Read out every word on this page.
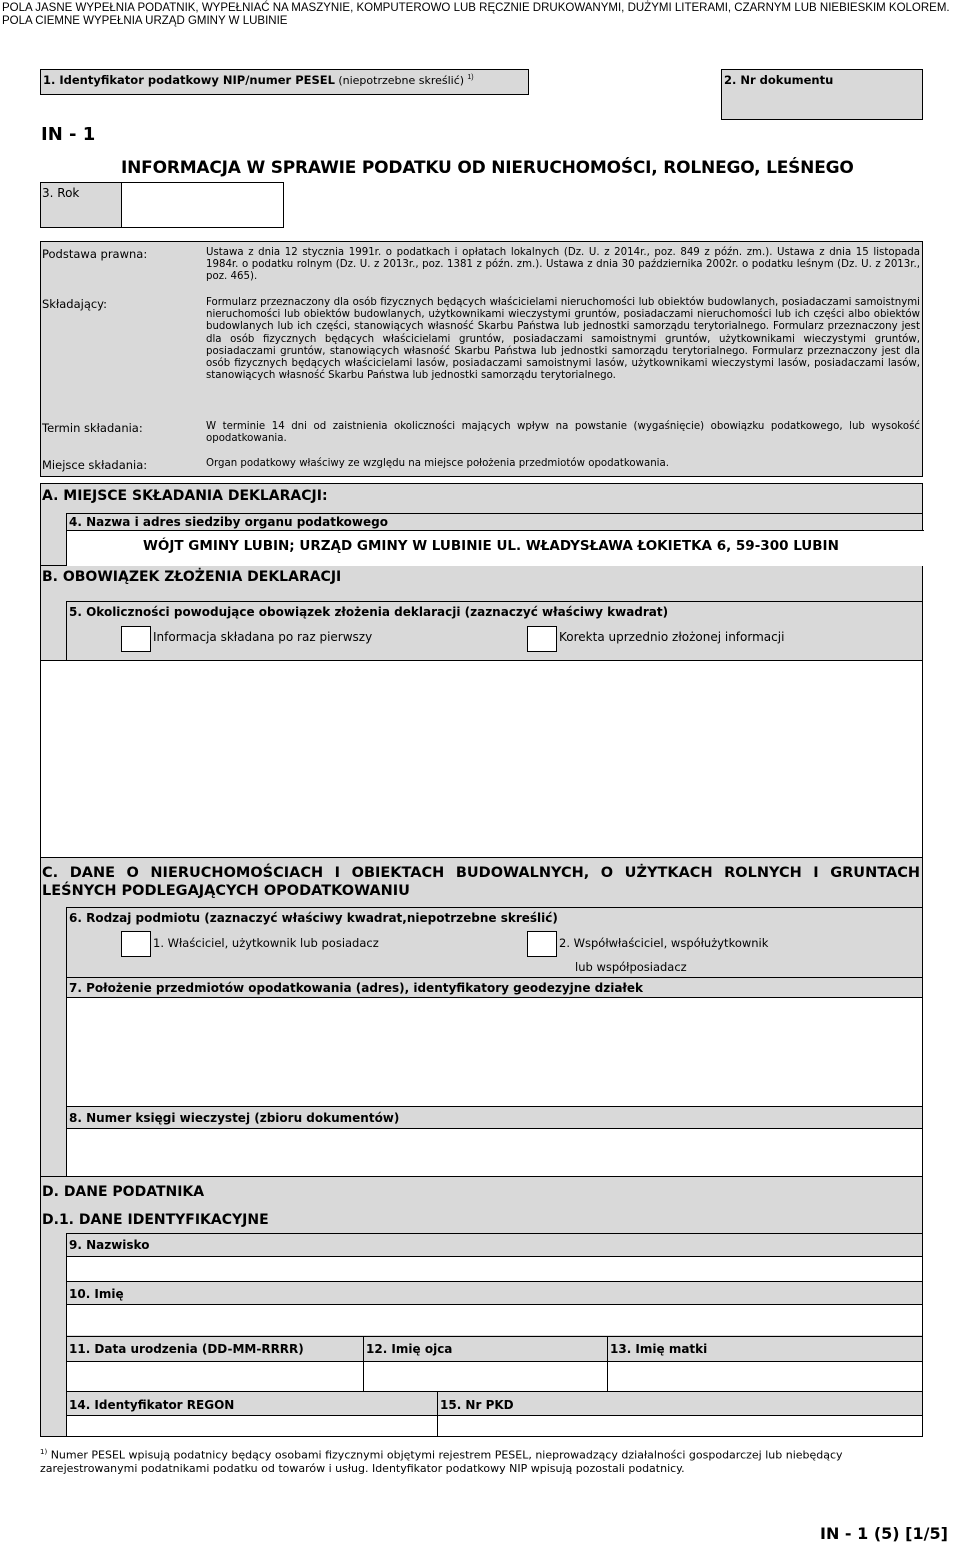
POLA JASNE WYPEŁNIA PODATNIK, WYPEŁNIAĆ NA MASZYNIE, KOMPUTEROWO LUB RĘCZNIE DRUKOWANYMI, DUŻYMI LITERAMI, CZARNYM LUB NIEBIESKIM KOLOREM. POLA CIEMNE WYPEŁNIA URZĄD GMINY W LUBINIE
1. Identyfikator podatkowy NIP/numer PESEL (niepotrzebne skreślić) $^{1)}$	2. Nr dokumentu
IN - 1
INFORMACJA W SPRAWIE PODATKU OD NIERUCHOMOŚCI, ROLNEGO, LEŚNEGO
3. Rok
Podstawa prawna:	Ustawa z dnia 12 stycznia 1991r. o podatkach i opłatach lokalnych (Dz. U. z 2014r., poz. 849 z późn. zm.). Ustawa z dnia 15 listopada 1984r. o podatku rolnym (Dz. U. z 2013r., poz. 1381 z późn. zm.). Ustawa z dnia 30 października 2002r. o podatku leśnym (Dz. U. z 2013r., poz. 465).
Składający:	Formularz przeznaczony dla osób fizycznych będących właścicielami nieruchomości lub obiektów budowlanych, posiadaczami samoistnymi nieruchomości lub obiektów budowlanych, użytkownikami wieczystymi gruntów, posiadaczami nieruchomości lub ich części albo obiektów budowlanych lub ich części, stanowiących własność Skarbu Państwa lub jednostki samorządu terytorialnego. Formularz przeznaczony jest dla osób fizycznych będących właścicielami gruntów, posiadaczami samoistnymi gruntów, użytkownikami wieczystymi gruntów, posiadaczami gruntów, stanowiących własność Skarbu Państwa lub jednostki samorządu terytorialnego. Formularz przeznaczony jest dla osób fizycznych będących właścicielami lasów, posiadaczami samoistnymi lasów, użytkownikami wieczystymi lasów, posiadaczami lasów, stanowiących własność Skarbu Państwa lub jednostki samorządu terytorialnego.
Termin składania:	W terminie 14 dni od zaistnienia okoliczności mających wpływ na powstanie (wygaśnięcie) obowiązku podatkowego, lub wysokość opodatkowania.
Miejsce składania:	Organ podatkowy właściwy ze względu na miejsce położenia przedmiotów opodatkowania.
A. MIEJSCE SKŁADANIA DEKLARACJI:
4. Nazwa i adres siedziby organu podatkowego
WÓJT GMINY LUBIN; URZĄD GMINY W LUBINIE UL. WŁADYSŁAWA ŁOKIETKA 6, 59-300 LUBIN
B. OBOWIĄZEK ZŁOŻENIA DEKLARACJI
5. Okoliczności powodujące obowiązek złożenia deklaracji (zaznaczyć właściwy kwadrat)
Informacja składana po raz pierwszy	Korekta uprzednio złożonej informacji
C. DANE O NIERUCHOMOŚCIACH I OBIEKTACH BUDOWALNYCH, O UŻYTKACH ROLNYCH I GRUNTACH LEŚNYCH PODLEGAJĄCYCH OPODATKOWANIU
6. Rodzaj podmiotu (zaznaczyć właściwy kwadrat,niepotrzebne skreślić)
1. Właściciel, użytkownik lub posiadacz	2. Współwłaściciel, współużytkownik
lub współposiadacz
7. Położenie przedmiotów opodatkowania (adres), identyfikatory geodezyjne działek
8. Numer księgi wieczystej (zbioru dokumentów)
D. DANE PODATNIKA
D.1. DANE IDENTYFIKACYJNE
9. Nazwisko
10. Imię
11. Data urodzenia (DD-MM-RRRR)	12. Imię ojca	13. Imię matki
14. Identyfikator REGON	15. Nr PKD
$^{1)}$ Numer PESEL wpisują podatnicy będący osobami fizycznymi objętymi rejestrem PESEL, nieprowadzący działalności gospodarczej lub niebędący zarejestrowanymi podatnikami podatku od towarów i usług. Identyfikator podatkowy NIP wpisują pozostali podatnicy.
IN - 1 (5) [1/5]
